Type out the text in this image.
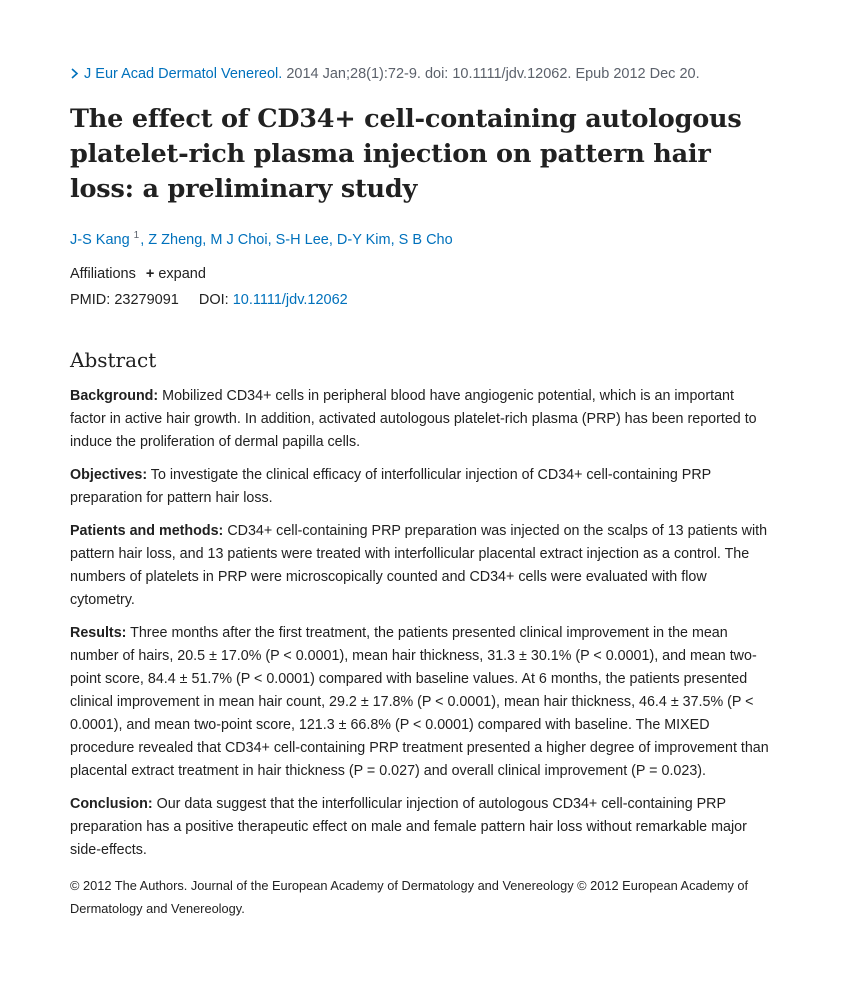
J Eur Acad Dermatol Venereol. 2014 Jan;28(1):72-9. doi: 10.1111/jdv.12062. Epub 2012 Dec 20.
The effect of CD34+ cell-containing autologous platelet-rich plasma injection on pattern hair loss: a preliminary study
J-S Kang $^1$, Z Zheng, M J Choi, S-H Lee, D-Y Kim, S B Cho
Affiliations + expand
PMID: 23279091 DOI: 10.1111/jdv.12062
Abstract

Background: Mobilized CD34+ cells in peripheral blood have angiogenic potential, which is an important factor in active hair growth. In addition, activated autologous platelet-rich plasma (PRP) has been reported to induce the proliferation of dermal papilla cells.

Objectives: To investigate the clinical efficacy of interfollicular injection of CD34+ cell-containing PRP preparation for pattern hair loss.

Patients and methods: CD34+ cell-containing PRP preparation was injected on the scalps of 13 patients with pattern hair loss, and 13 patients were treated with interfollicular placental extract injection as a control. The numbers of platelets in PRP were microscopically counted and CD34+ cells were evaluated with flow cytometry.

Results: Three months after the first treatment, the patients presented clinical improvement in the mean number of hairs, 20.5 ± 17.0% (P < 0.0001), mean hair thickness, 31.3 ± 30.1% (P < 0.0001), and mean two-point score, 84.4 ± 51.7% (P < 0.0001) compared with baseline values. At 6 months, the patients presented clinical improvement in mean hair count, 29.2 ± 17.8% (P < 0.0001), mean hair thickness, 46.4 ± 37.5% (P < 0.0001), and mean two-point score, 121.3 ± 66.8% (P < 0.0001) compared with baseline. The MIXED procedure revealed that CD34+ cell-containing PRP treatment presented a higher degree of improvement than placental extract treatment in hair thickness (P = 0.027) and overall clinical improvement (P = 0.023).

Conclusion: Our data suggest that the interfollicular injection of autologous CD34+ cell-containing PRP preparation has a positive therapeutic effect on male and female pattern hair loss without remarkable major side-effects.

© 2012 The Authors. Journal of the European Academy of Dermatology and Venereology © 2012 European Academy of Dermatology and Venereology.
